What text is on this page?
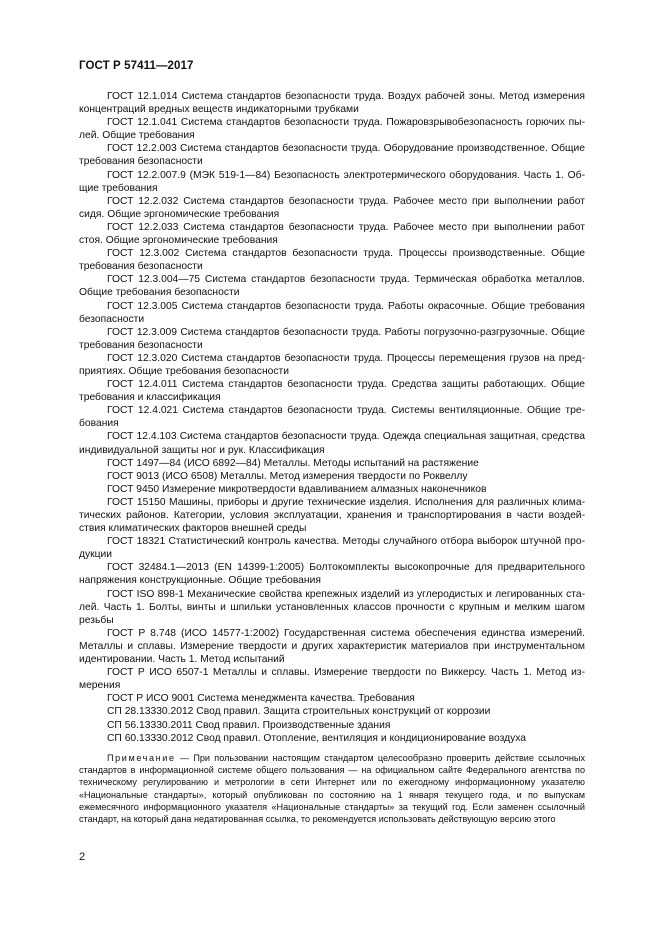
ГОСТ Р 57411—2017

ГОСТ 12.1.014 Система стандартов безопасности труда. Воздух рабочей зоны. Метод измерения концентраций вредных веществ индикаторными трубками

ГОСТ 12.1.041 Система стандартов безопасности труда. Пожаровзрывобезопасность горючих пылей. Общие требования

ГОСТ 12.2.003 Система стандартов безопасности труда. Оборудование производственное. Общие требования безопасности

ГОСТ 12.2.007.9 (МЭК 519-1—84) Безопасность электротермического оборудования. Часть 1. Общие требования

ГОСТ 12.2.032 Система стандартов безопасности труда. Рабочее место при выполнении работ сидя. Общие эргономические требования

ГОСТ 12.2.033 Система стандартов безопасности труда. Рабочее место при выполнении работ стоя. Общие эргономические требования

ГОСТ 12.3.002 Система стандартов безопасности труда. Процессы производственные. Общие требования безопасности

ГОСТ 12.3.004—75 Система стандартов безопасности труда. Термическая обработка металлов. Общие требования безопасности

ГОСТ 12.3.005 Система стандартов безопасности труда. Работы окрасочные. Общие требования безопасности

ГОСТ 12.3.009 Система стандартов безопасности труда. Работы погрузочно-разгрузочные. Общие требования безопасности

ГОСТ 12.3.020 Система стандартов безопасности труда. Процессы перемещения грузов на предприятиях. Общие требования безопасности

ГОСТ 12.4.011 Система стандартов безопасности труда. Средства защиты работающих. Общие требования и классификация

ГОСТ 12.4.021 Система стандартов безопасности труда. Системы вентиляционные. Общие требования

ГОСТ 12.4.103 Система стандартов безопасности труда. Одежда специальная защитная, средства индивидуальной защиты ног и рук. Классификация

ГОСТ 1497—84 (ИСО 6892—84) Металлы. Методы испытаний на растяжение

ГОСТ 9013 (ИСО 6508) Металлы. Метод измерения твердости по Роквеллу

ГОСТ 9450 Измерение микротвердости вдавливанием алмазных наконечников

ГОСТ 15150 Машины, приборы и другие технические изделия. Исполнения для различных климатических районов. Категории, условия эксплуатации, хранения и транспортирования в части воздействия климатических факторов внешней среды

ГОСТ 18321 Статистический контроль качества. Методы случайного отбора выборок штучной продукции

ГОСТ 32484.1—2013 (EN 14399-1:2005) Болтокомплекты высокопрочные для предварительного напряжения конструкционные. Общие требования

ГОСТ ISO 898-1 Механические свойства крепежных изделий из углеродистых и легированных сталей. Часть 1. Болты, винты и шпильки установленных классов прочности с крупным и мелким шагом резьбы

ГОСТ Р 8.748 (ИСО 14577-1:2002) Государственная система обеспечения единства измерений. Металлы и сплавы. Измерение твердости и других характеристик материалов при инструментальном идентировании. Часть 1. Метод испытаний

ГОСТ Р ИСО 6507-1 Металлы и сплавы. Измерение твердости по Виккерсу. Часть 1. Метод измерения

ГОСТ Р ИСО 9001 Система менеджмента качества. Требования

СП 28.13330.2012 Свод правил. Защита строительных конструкций от коррозии

СП 56.13330.2011 Свод правил. Производственные здания

СП 60.13330.2012 Свод правил. Отопление, вентиляция и кондиционирование воздуха

Примечание — При пользовании настоящим стандартом целесообразно проверить действие ссылочных стандартов в информационной системе общего пользования — на официальном сайте Федерального агентства по техническому регулированию и метрологии в сети Интернет или по ежегодному информационному указателю «Национальные стандарты», который опубликован по состоянию на 1 января текущего года, и по выпускам ежемесячного информационного указателя «Национальные стандарты» за текущий год. Если заменен ссылочный стандарт, на который дана недатированная ссылка, то рекомендуется использовать действующую версию этого

2
